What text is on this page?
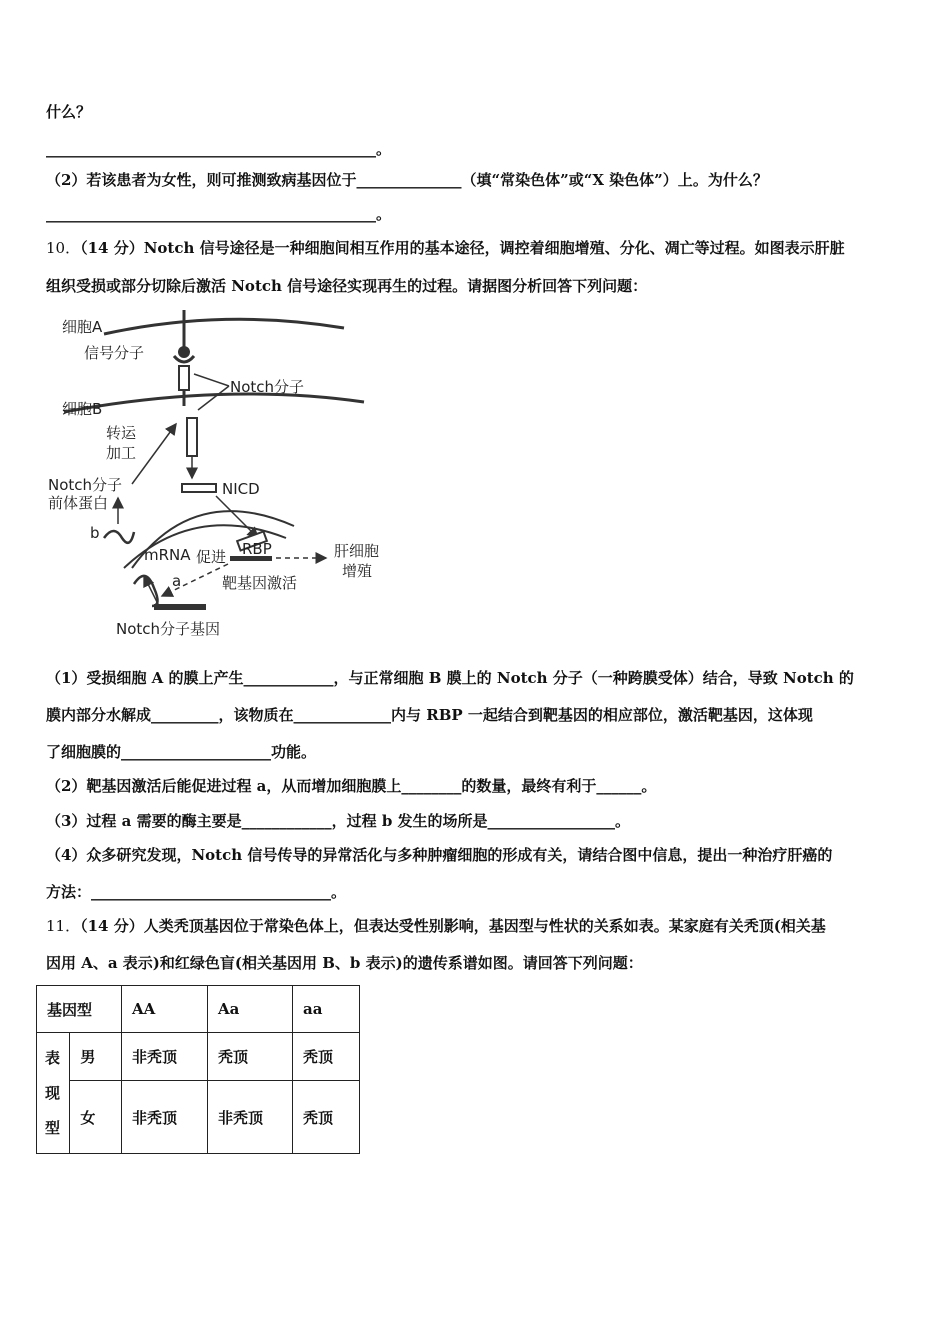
什么？
____________________________________________。
（2）若该患者为女性，则可推测致病基因位于______________（填“常染色体”或“X 染色体”）上。为什么？
____________________________________________。
10．（14 分）Notch 信号途径是一种细胞间相互作用的基本途径，调控着细胞增殖、分化、凋亡等过程。如图表示肝脏
组织受损或部分切除后激活 Notch 信号途径实现再生的过程。请据图分析回答下列问题：
细胞A
信号分子
Notch分子
细胞B
转运
加工
Notch分子
前体蛋白
b
NICD
mRNA 促进 RBP	肝细胞
增殖
靶基因激活
a
Notch分子基因
（1）受损细胞 A 的膜上产生____________，与正常细胞 B 膜上的 Notch 分子（一种跨膜受体）结合，导致 Notch 的
膜内部分水解成_________，该物质在_____________内与 RBP 一起结合到靶基因的相应部位，激活靶基因，这体现
了细胞膜的____________________功能。
（2）靶基因激活后能促进过程 a，从而增加细胞膜上________的数量，最终有利于______。
（3）过程 a 需要的酶主要是____________，过程 b 发生的场所是_________________。
（4）众多研究发现，Notch 信号传导的异常活化与多种肿瘤细胞的形成有关，请结合图中信息，提出一种治疗肝癌的
方法：________________________________。
11．（14 分）人类秃顶基因位于常染色体上，但表达受性别影响，基因型与性状的关系如表。某家庭有关秃顶(相关基
因用 A、a 表示)和红绿色盲(相关基因用 B、b 表示)的遗传系谱如图。请回答下列问题：
基因型		AA	Aa	aa
表
现
型	男	非秃顶	秃顶	秃顶
	女	非秃顶	非秃顶	秃顶
